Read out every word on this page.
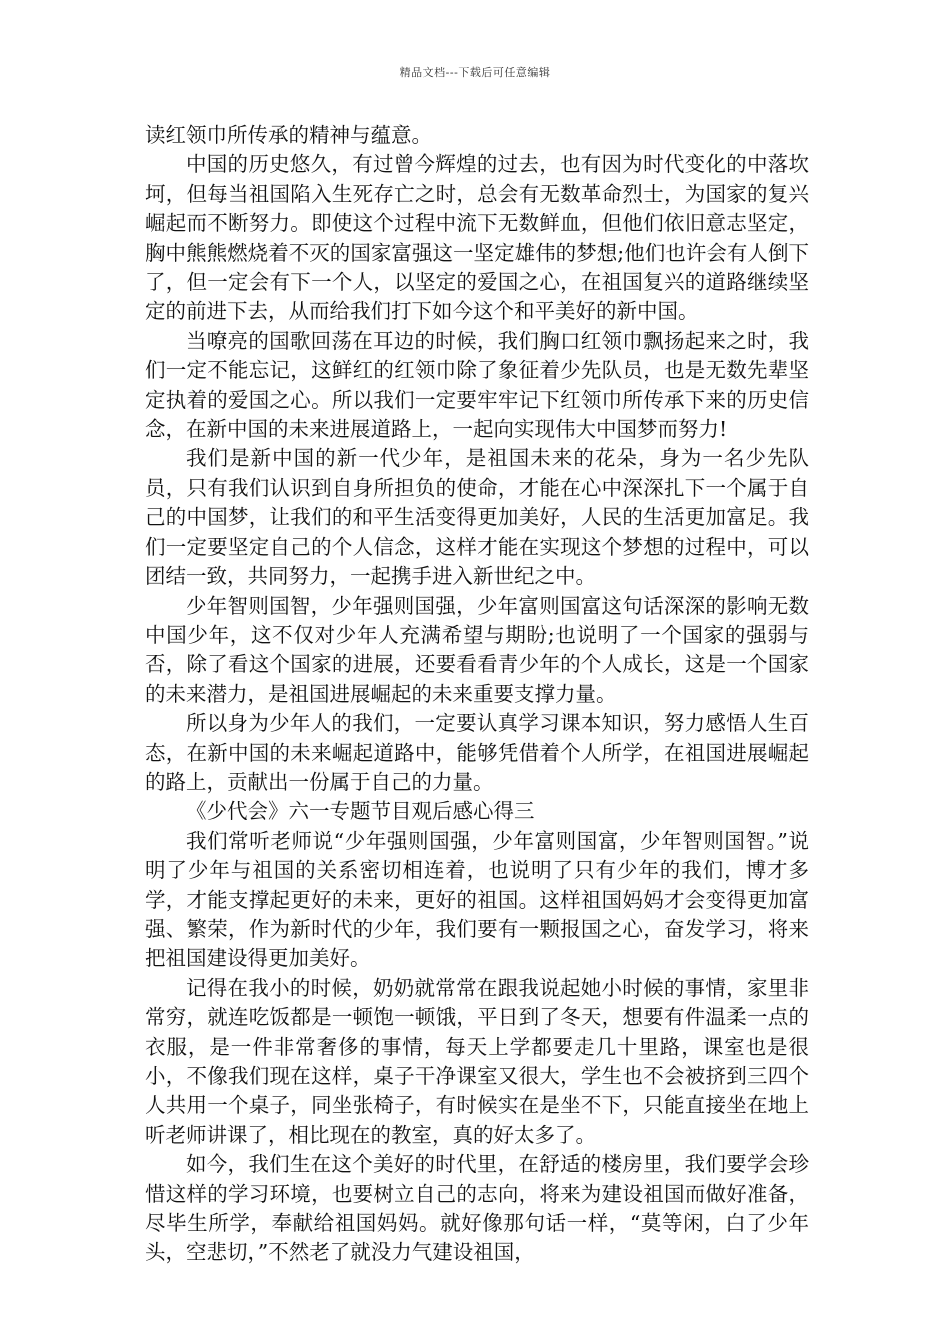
精品文档---下载后可任意编辑

读红领巾所传承的精神与蕴意。

中国的历史悠久，有过曾今辉煌的过去，也有因为时代变化的中落坎坷，但每当祖国陷入生死存亡之时，总会有无数革命烈士，为国家的复兴崛起而不断努力。即使这个过程中流下无数鲜血，但他们依旧意志坚定，胸中熊熊燃烧着不灭的国家富强这一坚定雄伟的梦想;他们也许会有人倒下了，但一定会有下一个人，以坚定的爱国之心，在祖国复兴的道路继续坚定的前进下去，从而给我们打下如今这个和平美好的新中国。

当嘹亮的国歌回荡在耳边的时候，我们胸口红领巾飘扬起来之时，我们一定不能忘记，这鲜红的红领巾除了象征着少先队员，也是无数先辈坚定执着的爱国之心。所以我们一定要牢牢记下红领巾所传承下来的历史信念，在新中国的未来进展道路上，一起向实现伟大中国梦而努力!

我们是新中国的新一代少年，是祖国未来的花朵，身为一名少先队员，只有我们认识到自身所担负的使命，才能在心中深深扎下一个属于自己的中国梦，让我们的和平生活变得更加美好，人民的生活更加富足。我们一定要坚定自己的个人信念，这样才能在实现这个梦想的过程中，可以团结一致，共同努力，一起携手进入新世纪之中。

少年智则国智，少年强则国强，少年富则国富这句话深深的影响无数中国少年，这不仅对少年人充满希望与期盼;也说明了一个国家的强弱与否，除了看这个国家的进展，还要看看青少年的个人成长，这是一个国家的未来潜力，是祖国进展崛起的未来重要支撑力量。

所以身为少年人的我们，一定要认真学习课本知识，努力感悟人生百态，在新中国的未来崛起道路中，能够凭借着个人所学，在祖国进展崛起的路上，贡献出一份属于自己的力量。

《少代会》六一专题节目观后感心得三

我们常听老师说“少年强则国强，少年富则国富，少年智则国智。”说明了少年与祖国的关系密切相连着，也说明了只有少年的我们，博才多学，才能支撑起更好的未来，更好的祖国。这样祖国妈妈才会变得更加富强、繁荣，作为新时代的少年，我们要有一颗报国之心，奋发学习，将来把祖国建设得更加美好。

记得在我小的时候，奶奶就常常在跟我说起她小时候的事情，家里非常穷，就连吃饭都是一顿饱一顿饿，平日到了冬天，想要有件温柔一点的衣服，是一件非常奢侈的事情，每天上学都要走几十里路，课室也是很小，不像我们现在这样，桌子干净课室又很大，学生也不会被挤到三四个人共用一个桌子，同坐张椅子，有时候实在是坐不下，只能直接坐在地上听老师讲课了，相比现在的教室，真的好太多了。

如今，我们生在这个美好的时代里，在舒适的楼房里，我们要学会珍惜这样的学习环境，也要树立自己的志向，将来为建设祖国而做好准备，尽毕生所学，奉献给祖国妈妈。就好像那句话一样，“莫等闲，白了少年头，空悲切，”不然老了就没力气建设祖国，
